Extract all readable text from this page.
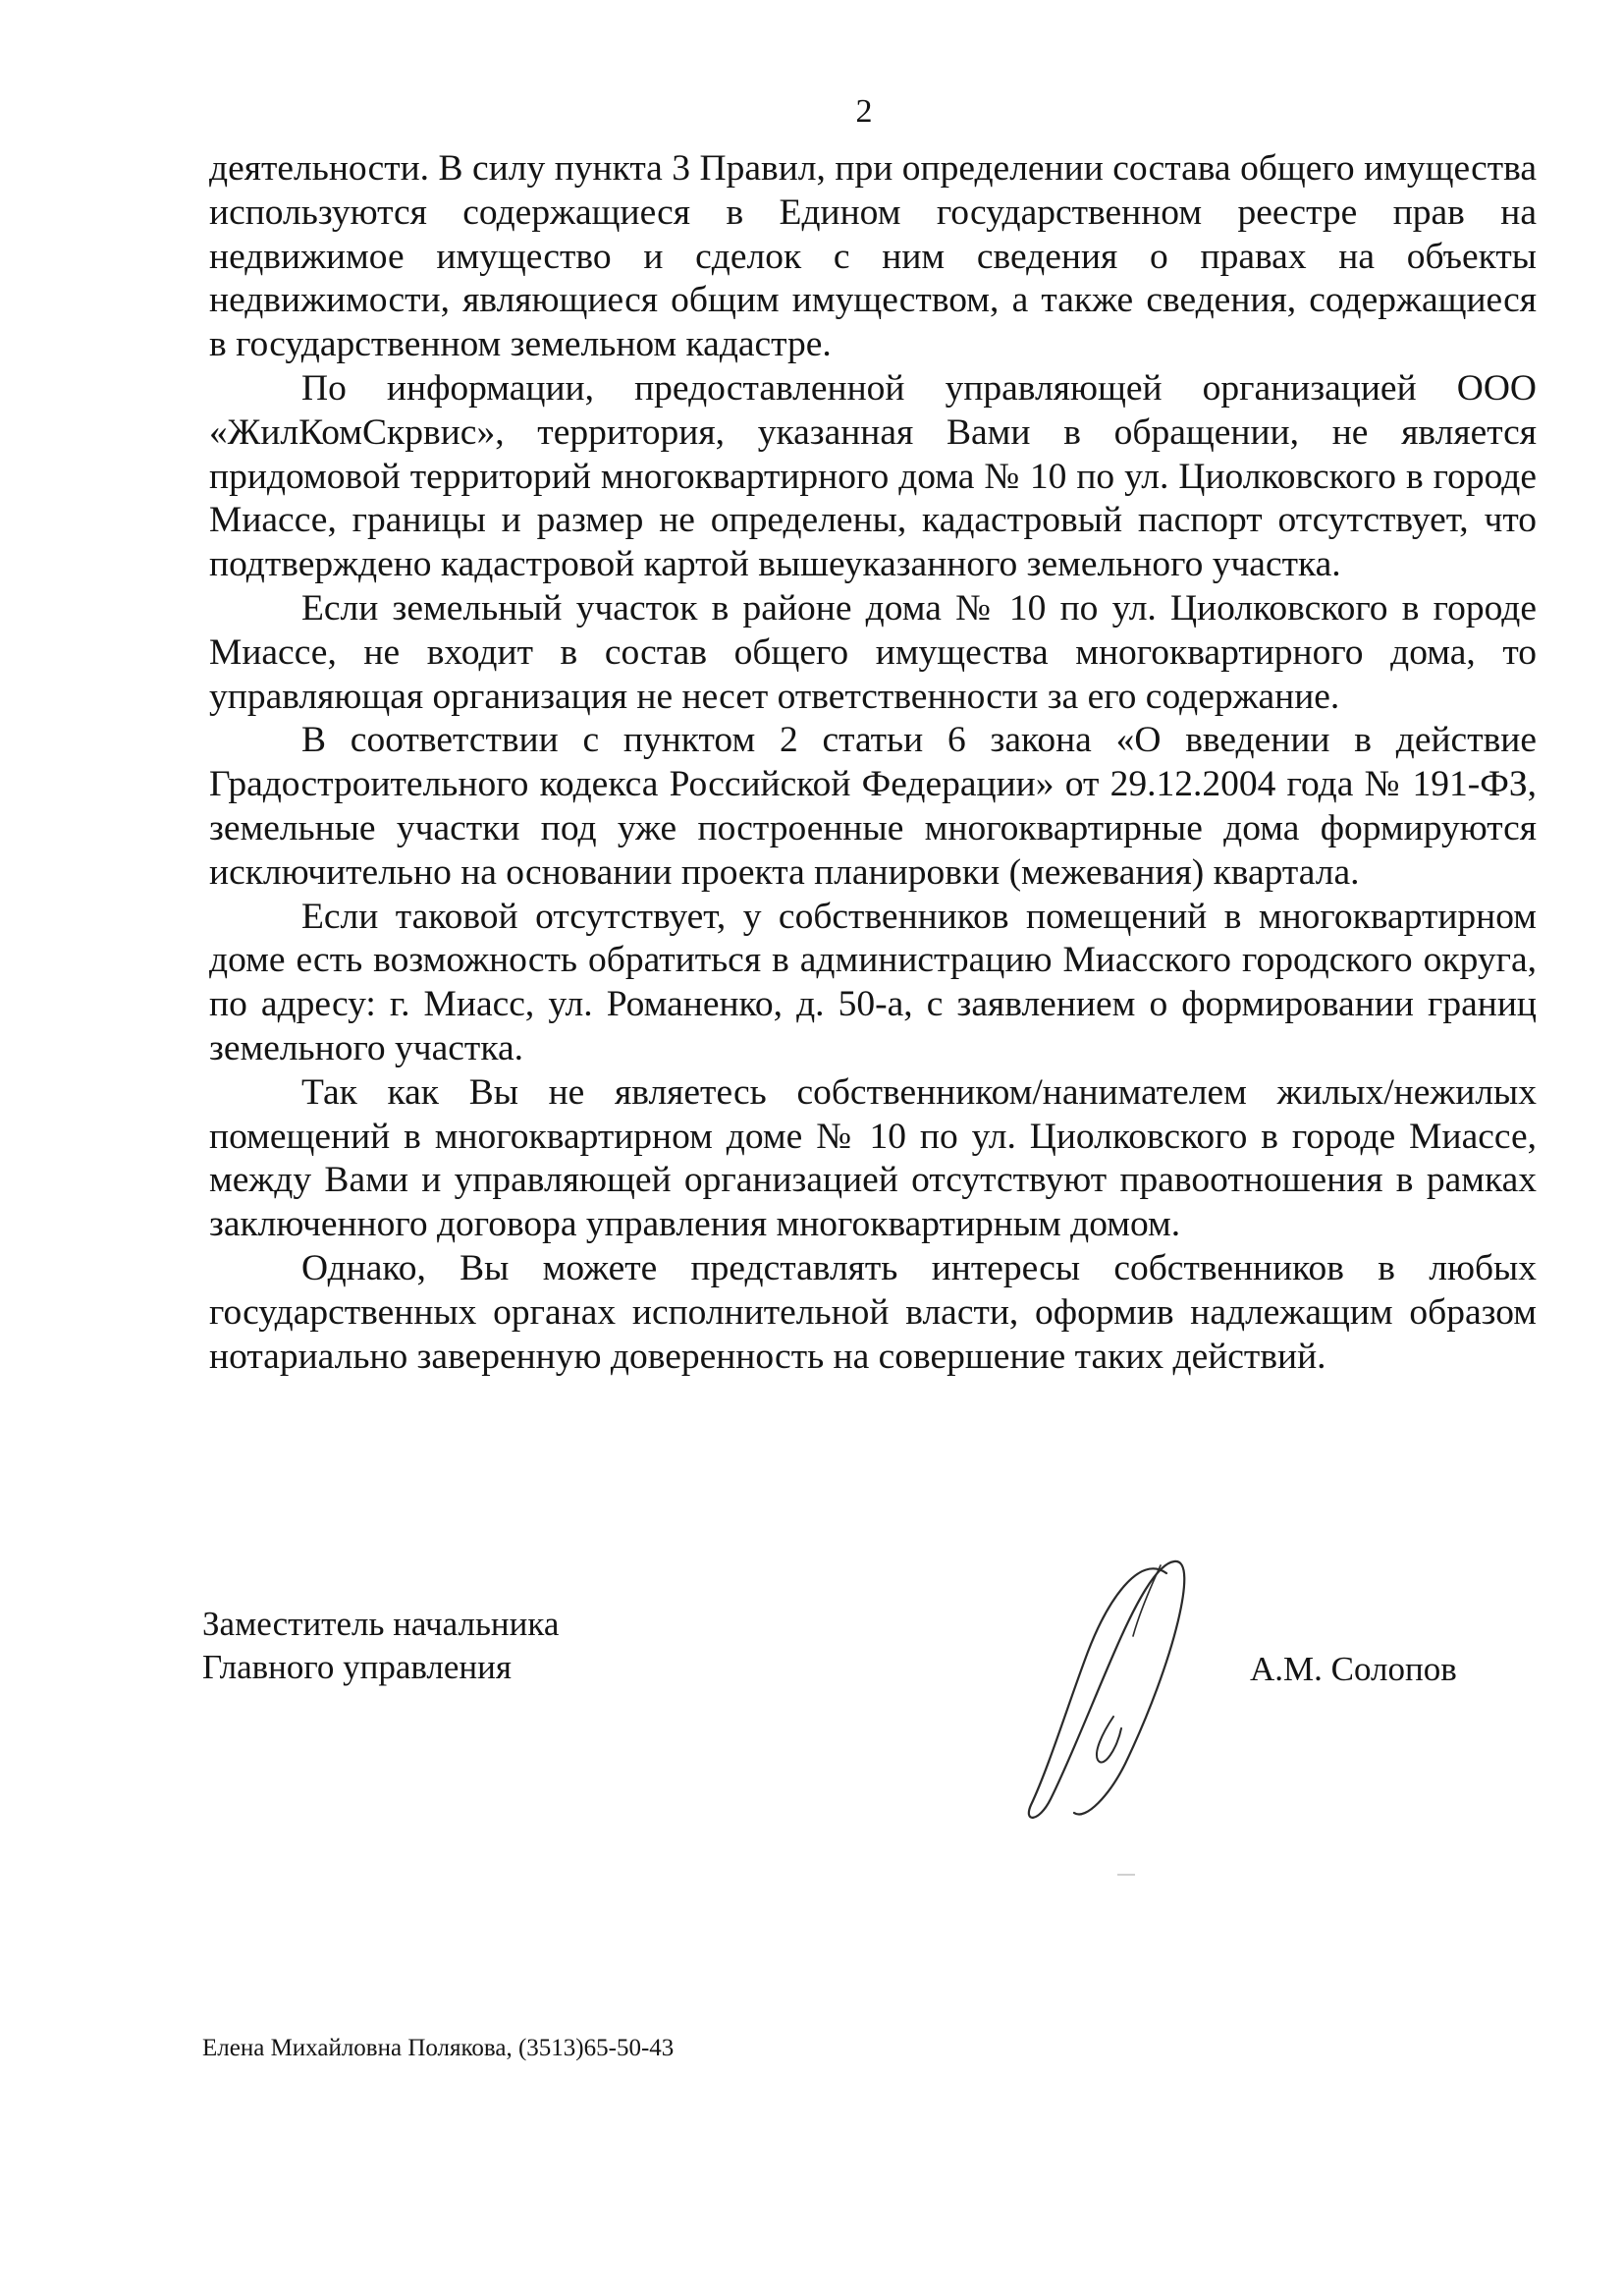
2

деятельности. В силу пункта 3 Правил, при определении состава общего имущества используются содержащиеся в Едином государственном реестре прав на недвижимое имущество и сделок с ним сведения о правах на объекты недвижимости, являющиеся общим имуществом, а также сведения, содержащиеся в государственном земельном кадастре.

По информации, предоставленной управляющей организацией ООО «ЖилКомСкрвис», территория, указанная Вами в обращении, не является придомовой территорий многоквартирного дома № 10 по ул. Циолковского в городе Миассе, границы и размер не определены, кадастровый паспорт отсутствует, что подтверждено кадастровой картой вышеуказанного земельного участка.

Если земельный участок в районе дома № 10 по ул. Циолковского в городе Миассе, не входит в состав общего имущества многоквартирного дома, то управляющая организация не несет ответственности за его содержание.

В соответствии с пунктом 2 статьи 6 закона «О введении в действие Градостроительного кодекса Российской Федерации» от 29.12.2004 года № 191-ФЗ, земельные участки под уже построенные многоквартирные дома формируются исключительно на основании проекта планировки (межевания) квартала.

Если таковой отсутствует, у собственников помещений в многоквартирном доме есть возможность обратиться в администрацию Миасского городского округа, по адресу: г. Миасс, ул. Романенко, д. 50-а, с заявлением о формировании границ земельного участка.

Так как Вы не являетесь собственником/нанимателем жилых/нежилых помещений в многоквартирном доме № 10 по ул. Циолковского в городе Миассе, между Вами и управляющей организацией отсутствуют правоотношения в рамках заключенного договора управления многоквартирным домом.

Однако, Вы можете представлять интересы собственников в любых государственных органах исполнительной власти, оформив надлежащим образом нотариально заверенную доверенность на совершение таких действий.

Заместитель начальника
Главного управления	А.М. Солопов
Елена Михайловна Полякова, (3513)65-50-43
